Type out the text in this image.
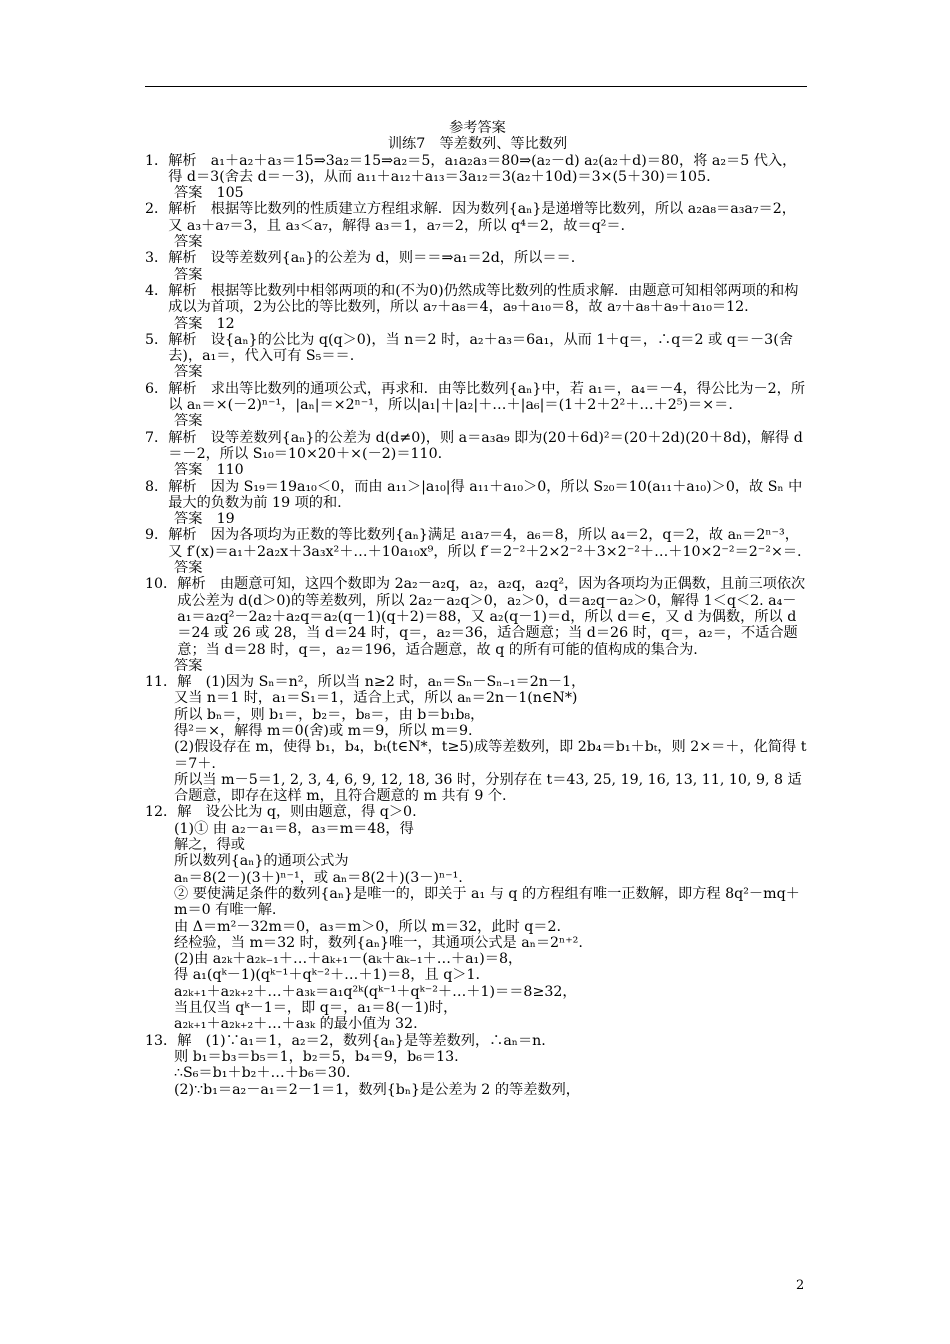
参考答案
训练7　等差数列、等比数列
1． 解析　a₁＋a₂＋a₃＝15⇒3a₂＝15⇒a₂＝5，a₁a₂a₃＝80⇒(a₂－d) a₂(a₂＋d)＝80，将 a₂＝5 代入，得 d＝3(舍去 d＝－3)，从而 a₁₁＋a₁₂＋a₁₃＝3a₁₂＝3(a₂＋10d)＝3×(5＋30)＝105.
答案　105
2． 解析　根据等比数列的性质建立方程组求解．因为数列{aₙ}是递增等比数列，所以 a₂a₈＝a₃a₇＝2，又 a₃＋a₇＝3，且 a₃＜a₇，解得 a₃＝1，a₇＝2，所以 q⁴＝2，故＝q²＝.
答案
3． 解析　设等差数列{aₙ}的公差为 d，则＝＝⇒a₁＝2d，所以＝＝.
答案
4． 解析　根据等比数列中相邻两项的和(不为0)仍然成等比数列的性质求解．由题意可知相邻两项的和构成以为首项，2为公比的等比数列，所以 a₇＋a₈＝4，a₉＋a₁₀＝8，故 a₇＋a₈＋a₉＋a₁₀＝12.
答案　12
5． 解析　设{aₙ}的公比为 q(q＞0)，当 n＝2 时，a₂＋a₃＝6a₁，从而 1＋q＝，∴q＝2 或 q＝－3(舍去)，a₁＝，代入可有 S₅＝＝.
答案
6． 解析　求出等比数列的通项公式，再求和．由等比数列{aₙ}中，若 a₁＝，a₄＝－4，得公比为－2，所以 aₙ＝×(－2)ⁿ⁻¹，|aₙ|＝×2ⁿ⁻¹，所以|a₁|＋|a₂|＋…＋|a₆|＝(1＋2＋2²＋…＋2⁵)＝×＝.
答案
7． 解析　设等差数列{aₙ}的公差为 d(d≠0)，则 a＝a₃a₉ 即为(20＋6d)²＝(20＋2d)(20＋8d)，解得 d＝－2，所以 S₁₀＝10×20＋×(－2)＝110.
答案　110
8． 解析　因为 S₁₉＝19a₁₀＜0，而由 a₁₁＞|a₁₀|得 a₁₁＋a₁₀＞0，所以 S₂₀＝10(a₁₁＋a₁₀)＞0，故 Sₙ 中最大的负数为前 19 项的和.
答案　19
9． 解析　因为各项均为正数的等比数列{aₙ}满足 a₁a₇＝4，a₆＝8，所以 a₄＝2，q＝2，故 aₙ＝2ⁿ⁻³，又 f′(x)＝a₁＋2a₂x＋3a₃x²＋…＋10a₁₀x⁹，所以 f′＝2⁻²＋2×2⁻²＋3×2⁻²＋…＋10×2⁻²＝2⁻²×＝.
答案
10． 解析　由题意可知，这四个数即为 2a₂－a₂q，a₂，a₂q，a₂q²，因为各项均为正偶数，且前三项依次成公差为 d(d＞0)的等差数列，所以 2a₂－a₂q＞0，a₂＞0，d＝a₂q－a₂＞0，解得 1＜q＜2. a₄－a₁＝a₂q²－2a₂＋a₂q＝a₂(q－1)(q＋2)＝88，又 a₂(q－1)＝d，所以 d＝∈，又 d 为偶数，所以 d＝24 或 26 或 28，当 d＝24 时，q＝，a₂＝36，适合题意；当 d＝26 时，q＝，a₂＝，不适合题意；当 d＝28 时，q＝，a₂＝196，适合题意，故 q 的所有可能的值构成的集合为.
答案
11． 解　(1)因为 Sₙ＝n²，所以当 n≥2 时，aₙ＝Sₙ－Sₙ₋₁＝2n－1，
又当 n＝1 时，a₁＝S₁＝1，适合上式，所以 aₙ＝2n－1(n∈N*)
所以 bₙ＝，则 b₁＝，b₂＝，b₈＝，由 b＝b₁b₈，
得²＝×，解得 m＝0(舍)或 m＝9，所以 m＝9.
(2)假设存在 m，使得 b₁，b₄，bₜ(t∈N*，t≥5)成等差数列，即 2b₄＝b₁＋bₜ，则 2×＝＋，化简得 t＝7＋.
所以当 m－5＝1, 2, 3, 4, 6, 9, 12, 18, 36 时，分别存在 t＝43, 25, 19, 16, 13, 11, 10, 9, 8 适合题意，即存在这样 m，且符合题意的 m 共有 9 个.
12． 解　设公比为 q，则由题意，得 q＞0.
(1)① 由 a₂－a₁＝8，a₃＝m＝48，得
解之，得或
所以数列{aₙ}的通项公式为
aₙ＝8(2－)(3＋)ⁿ⁻¹，或 aₙ＝8(2＋)(3－)ⁿ⁻¹.
② 要使满足条件的数列{aₙ}是唯一的，即关于 a₁ 与 q 的方程组有唯一正数解，即方程 8q²－mq＋m＝0 有唯一解.
由 Δ＝m²－32m＝0，a₃＝m＞0，所以 m＝32，此时 q＝2.
经检验，当 m＝32 时，数列{aₙ}唯一，其通项公式是 aₙ＝2ⁿ⁺².
(2)由 a₂ₖ＋a₂ₖ₋₁＋…＋aₖ₊₁－(aₖ＋aₖ₋₁＋…＋a₁)＝8，
得 a₁(qᵏ－1)(qᵏ⁻¹＋qᵏ⁻²＋…＋1)＝8，且 q＞1.
a₂ₖ₊₁＋a₂ₖ₊₂＋…＋a₃ₖ＝a₁q²ᵏ(qᵏ⁻¹＋qᵏ⁻²＋…＋1)＝＝8≥32，
当且仅当 qᵏ－1＝，即 q＝，a₁＝8(－1)时，
a₂ₖ₊₁＋a₂ₖ₊₂＋…＋a₃ₖ 的最小值为 32.
13． 解　(1)∵a₁＝1，a₂＝2，数列{aₙ}是等差数列，∴aₙ＝n.
则 b₁＝b₃＝b₅＝1，b₂＝5，b₄＝9，b₆＝13.
∴S₆＝b₁＋b₂＋…＋b₆＝30.
(2)∵b₁＝a₂－a₁＝2－1＝1，数列{bₙ}是公差为 2 的等差数列，
2
